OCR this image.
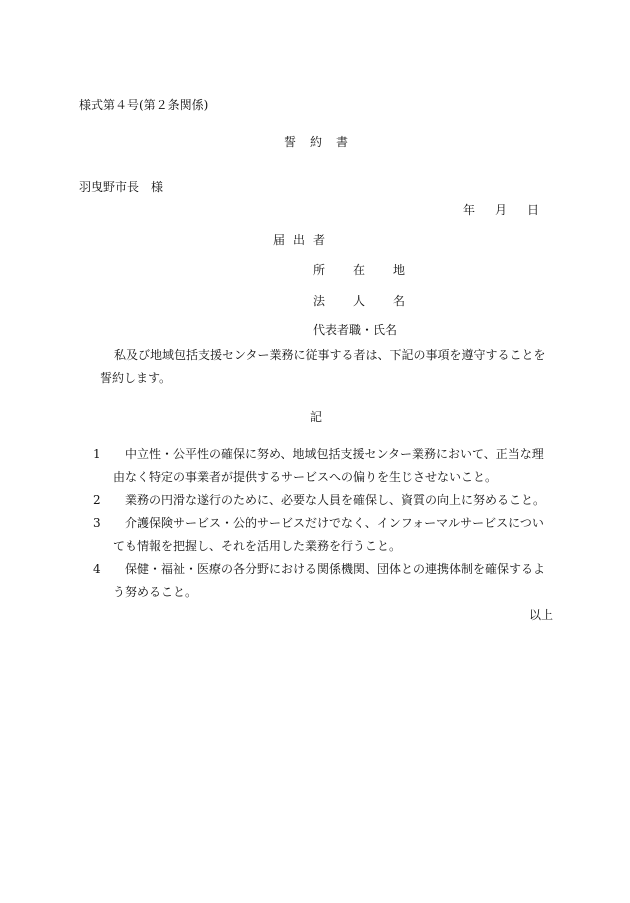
様式第４号(第２条関係)
誓 約 書
羽曳野市長 様
年 月 日
届 出 者
所 在 地
法 人 名
代表者職・氏名
私及び地域包括支援センター業務に従事する者は、下記の事項を遵守することを誓約します。
記
1	中立性・公平性の確保に努め、地域包括支援センター業務において、正当な理由なく特定の事業者が提供するサービスへの偏りを生じさせないこと。
2	業務の円滑な遂行のために、必要な人員を確保し、資質の向上に努めること。
3	介護保険サービス・公的サービスだけでなく、インフォーマルサービスについても情報を把握し、それを活用した業務を行うこと。
4	保健・福祉・医療の各分野における関係機関、団体との連携体制を確保するよう努めること。
以上
